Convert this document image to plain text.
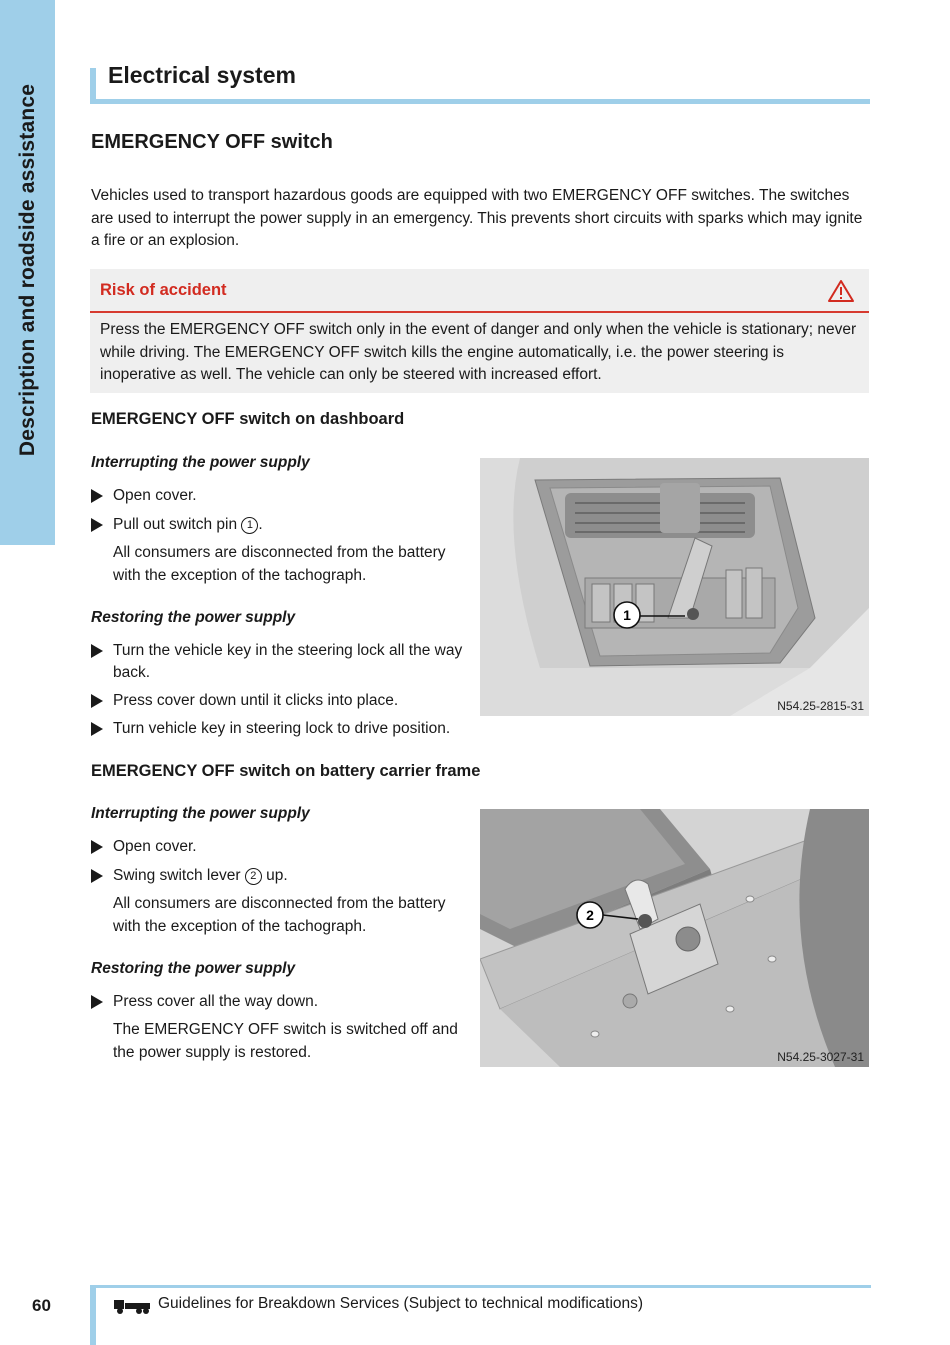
Description and roadside assistance
Electrical system
EMERGENCY OFF switch
Vehicles used to transport hazardous goods are equipped with two EMERGENCY OFF switches. The switches are used to interrupt the power supply in an emergency. This prevents short circuits with sparks which may ignite a fire or an explosion.
Risk of accident
Press the EMERGENCY OFF switch only in the event of danger and only when the vehicle is stationary; never while driving. The EMERGENCY OFF switch kills the engine automatically, i.e. the power steering is inoperative as well. The vehicle can only be steered with increased effort.
EMERGENCY OFF switch on dashboard
Interrupting the power supply
Open cover.
Pull out switch pin 1 .
All consumers are disconnected from the battery with the exception of the tachograph.
Restoring the power supply
Turn the vehicle key in the steering lock all the way back.
Press cover down until it clicks into place.
Turn vehicle key in steering lock to drive position.
1
N54.25-2815-31
EMERGENCY OFF switch on battery carrier frame
Interrupting the power supply
Open cover.
Swing switch lever 2 up.
All consumers are disconnected from the battery with the exception of the tachograph.
Restoring the power supply
Press cover all the way down.
The EMERGENCY OFF switch is switched off and the power supply is restored.
2
N54.25-3027-31
60	Guidelines for Breakdown Services (Subject to technical modifications)
